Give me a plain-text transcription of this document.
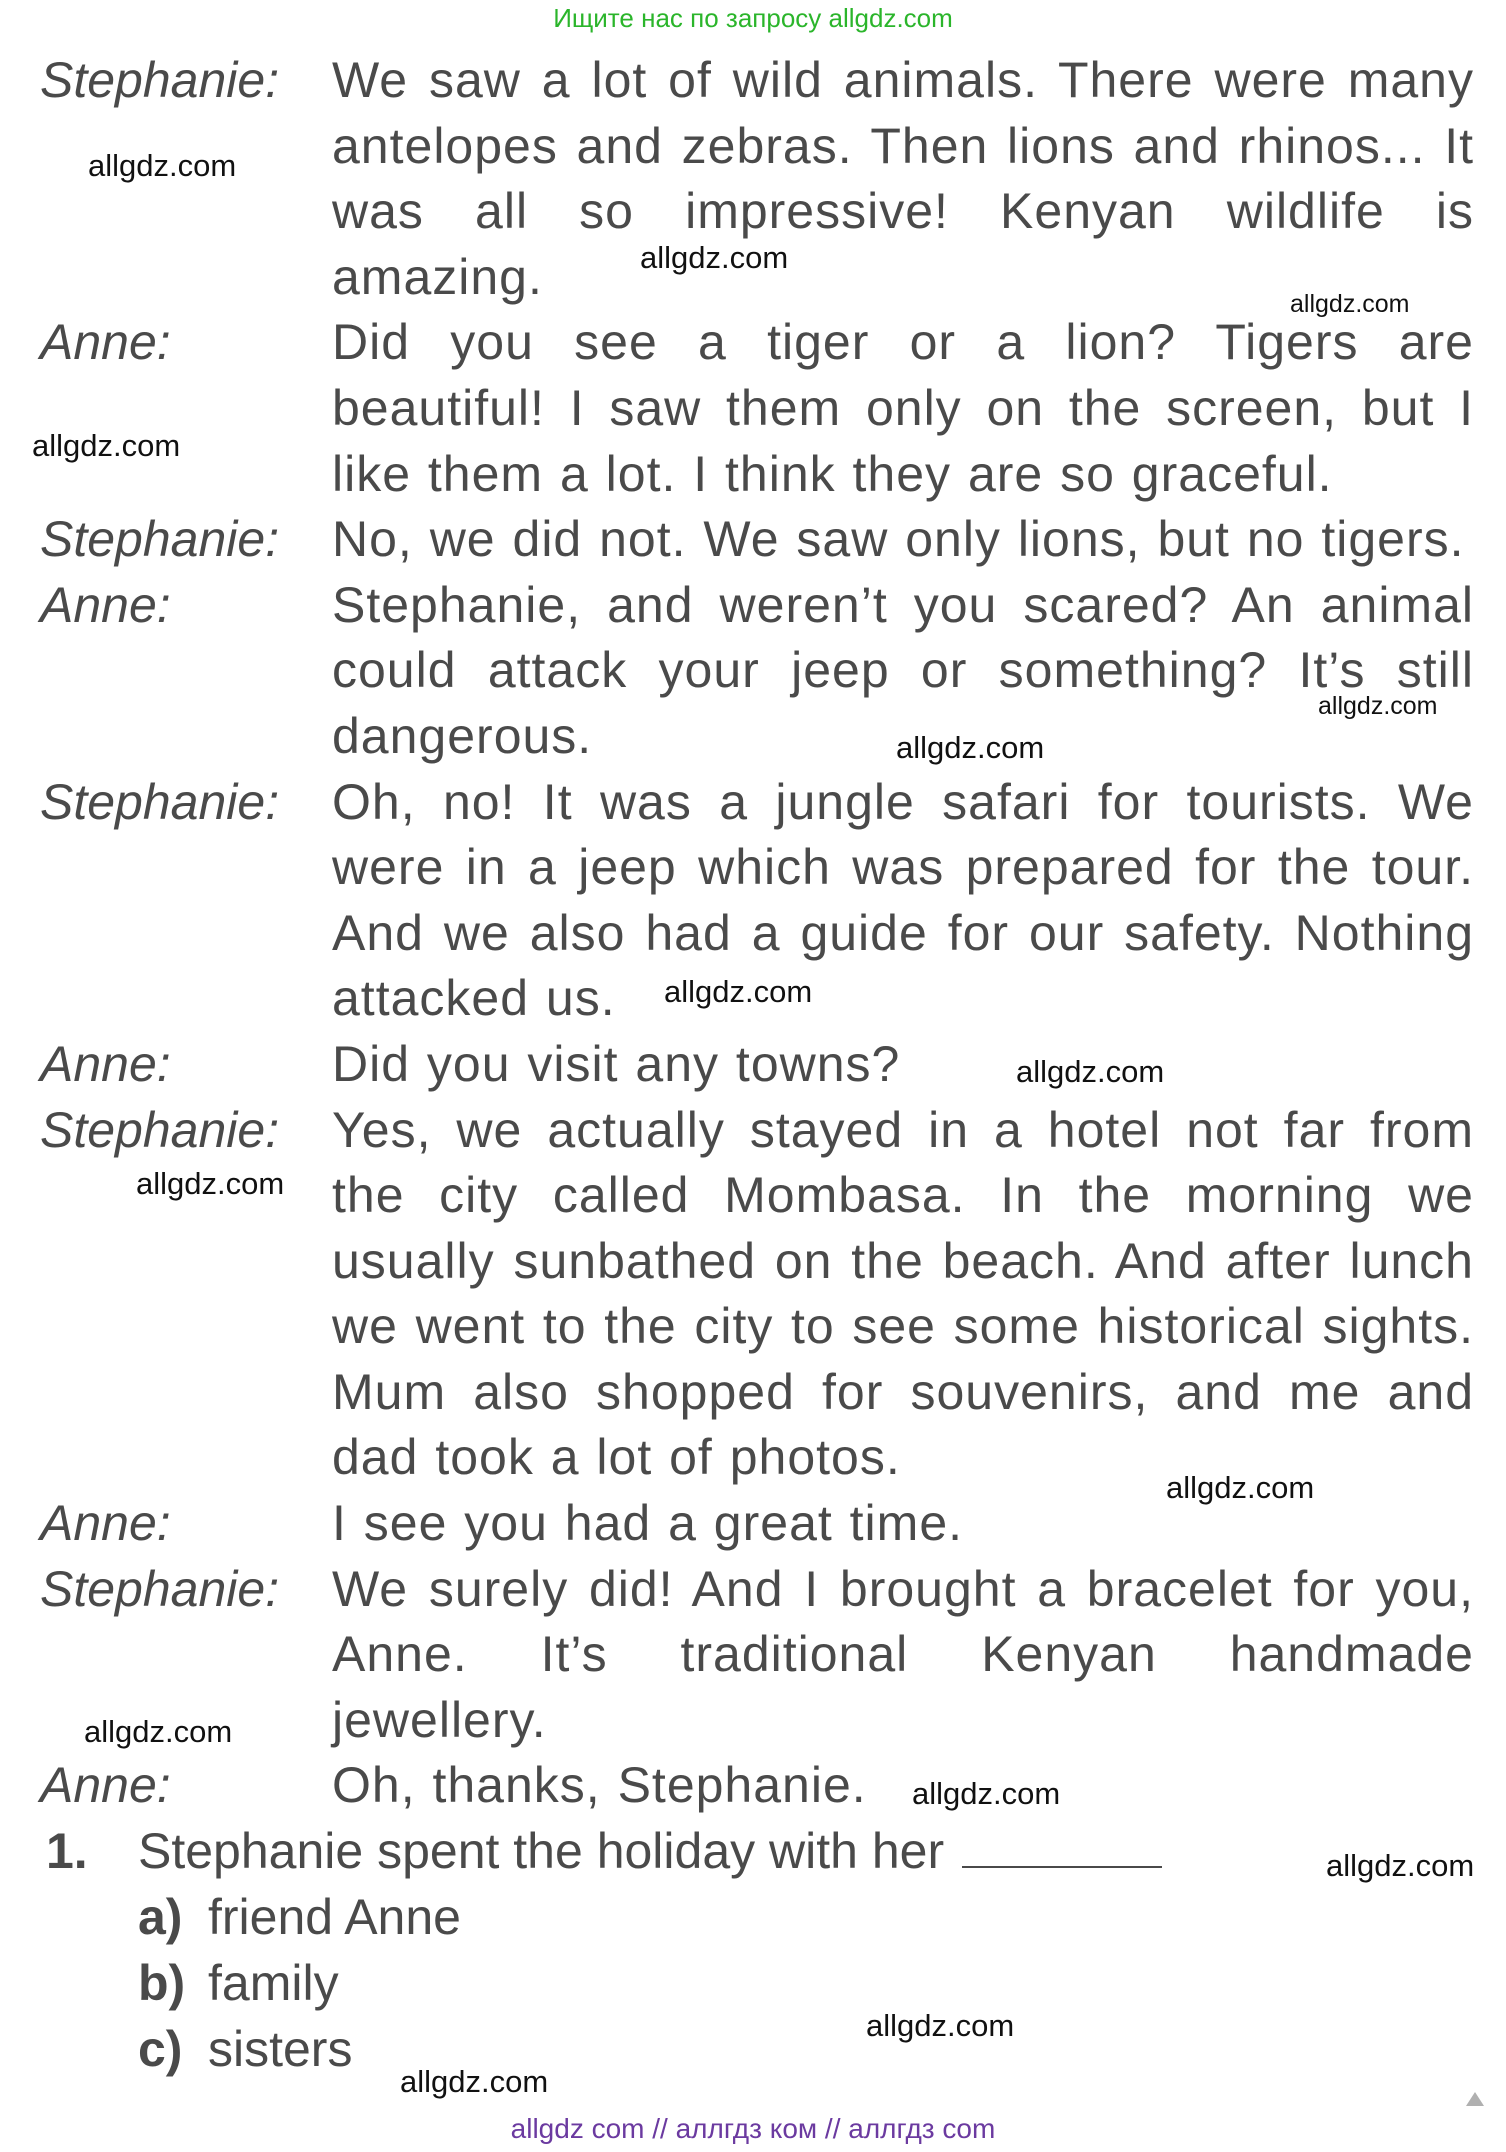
Ищите нас по запросу allgdz.com
Stephanie:	We saw a lot of wild animals. There were many antelopes and zebras. Then lions and rhinos... It was all so impressive! Kenyan wildlife is amazing.
Anne:	Did you see a tiger or a lion? Tigers are beautiful! I saw them only on the screen, but I like them a lot. I think they are so graceful.
Stephanie:	No, we did not. We saw only lions, but no tigers.
Anne:	Stephanie, and weren’t you scared? An animal could attack your jeep or something? It’s still dangerous.
Stephanie:	Oh, no! It was a jungle safari for tourists. We were in a jeep which was prepared for the tour. And we also had a guide for our safety. Nothing attacked us.
Anne:	Did you visit any towns?
Stephanie:	Yes, we actually stayed in a hotel not far from the city called Mombasa. In the morning we usually sunbathed on the beach. And after lunch we went to the city to see some historical sights. Mum also shopped for souvenirs, and me and dad took a lot of photos.
Anne:	I see you had a great time.
Stephanie:	We surely did! And I brought a bracelet for you, Anne. It’s traditional Kenyan handmade jewellery.
Anne:	Oh, thanks, Stephanie.
1.	Stephanie spent the holiday with her
a) friend Anne
b) family
c) sisters
allgdz.com
allgdz.com
allgdz.com
allgdz.com
allgdz.com
allgdz.com
allgdz.com
allgdz.com
allgdz.com
allgdz.com
allgdz.com
allgdz.com
allgdz.com
allgdz.com
allgdz.com
allgdz com // аллгдз ком // аллгдз com
